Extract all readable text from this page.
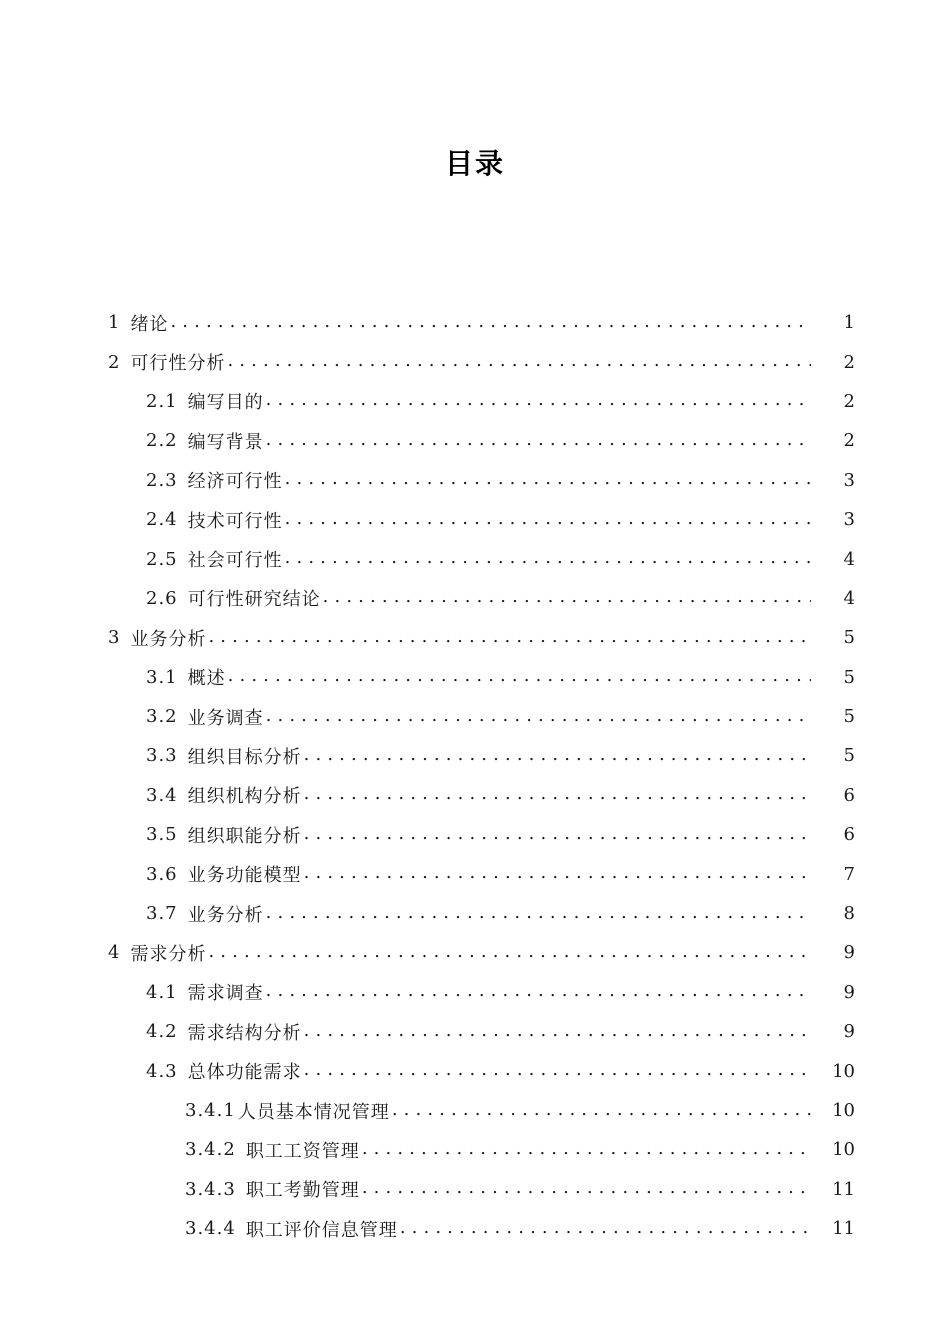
目录
1 绪论 . . .	1
2 可行性分析 . . .	2
2.1 编写目的 . . .	2
2.2 编写背景 . . .	2
2.3 经济可行性 . . .	3
2.4 技术可行性 . . .	3
2.5 社会可行性 . . .	4
2.6 可行性研究结论 . . .	4
3 业务分析 . . .	5
3.1 概述 . . .	5
3.2 业务调查 . . .	5
3.3 组织目标分析 . . .	5
3.4 组织机构分析 . . .	6
3.5 组织职能分析 . . .	6
3.6 业务功能模型 . . .	7
3.7 业务分析 . . .	8
4 需求分析 . . .	9
4.1 需求调查 . . .	9
4.2 需求结构分析 . . .	9
4.3 总体功能需求 . . .	10
3.4.1 人员基本情况管理 . . .	10
3.4.2 职工工资管理 . . .	10
3.4.3 职工考勤管理 . . .	11
3.4.4 职工评价信息管理 . . .	11
